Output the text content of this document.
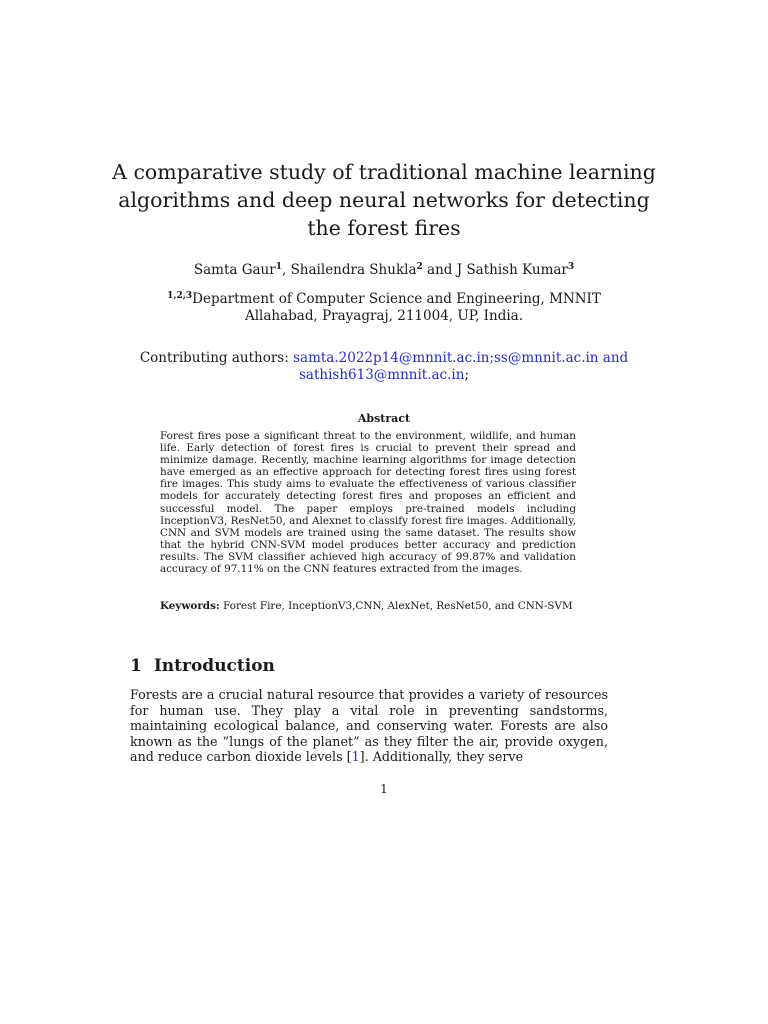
A comparative study of traditional machine learning algorithms and deep neural networks for detecting the forest fires
Samta Gaur$^1$, Shailendra Shukla$^2$ and J Sathish Kumar$^3$
$^{1,2,3}$Department of Computer Science and Engineering, MNNIT
Allahabad, Prayagraj, 211004, UP, India.
Contributing authors: samta.2022p14@mnnit.ac.in;ss@mnnit.ac.in and sathish613@mnnit.ac.in;
Abstract
Forest fires pose a significant threat to the environment, wildlife, and human life. Early detection of forest fires is crucial to prevent their spread and minimize damage. Recently, machine learning algorithms for image detection have emerged as an effective approach for detecting forest fires using forest fire images. This study aims to evaluate the effectiveness of various classifier models for accurately detecting forest fires and proposes an efficient and successful model. The paper employs pre-trained models including InceptionV3, ResNet50, and Alexnet to classify forest fire images. Additionally, CNN and SVM models are trained using the same dataset. The results show that the hybrid CNN-SVM model produces better accuracy and prediction results. The SVM classifier achieved high accuracy of 99.87% and validation accuracy of 97.11% on the CNN features extracted from the images.
Keywords: Forest Fire, InceptionV3,CNN, AlexNet, ResNet50, and CNN-SVM
1 Introduction
Forests are a crucial natural resource that provides a variety of resources for human use. They play a vital role in preventing sandstorms, maintaining ecological balance, and conserving water. Forests are also known as the ”lungs of the planet” as they filter the air, provide oxygen, and reduce carbon dioxide levels [1]. Additionally, they serve
1
